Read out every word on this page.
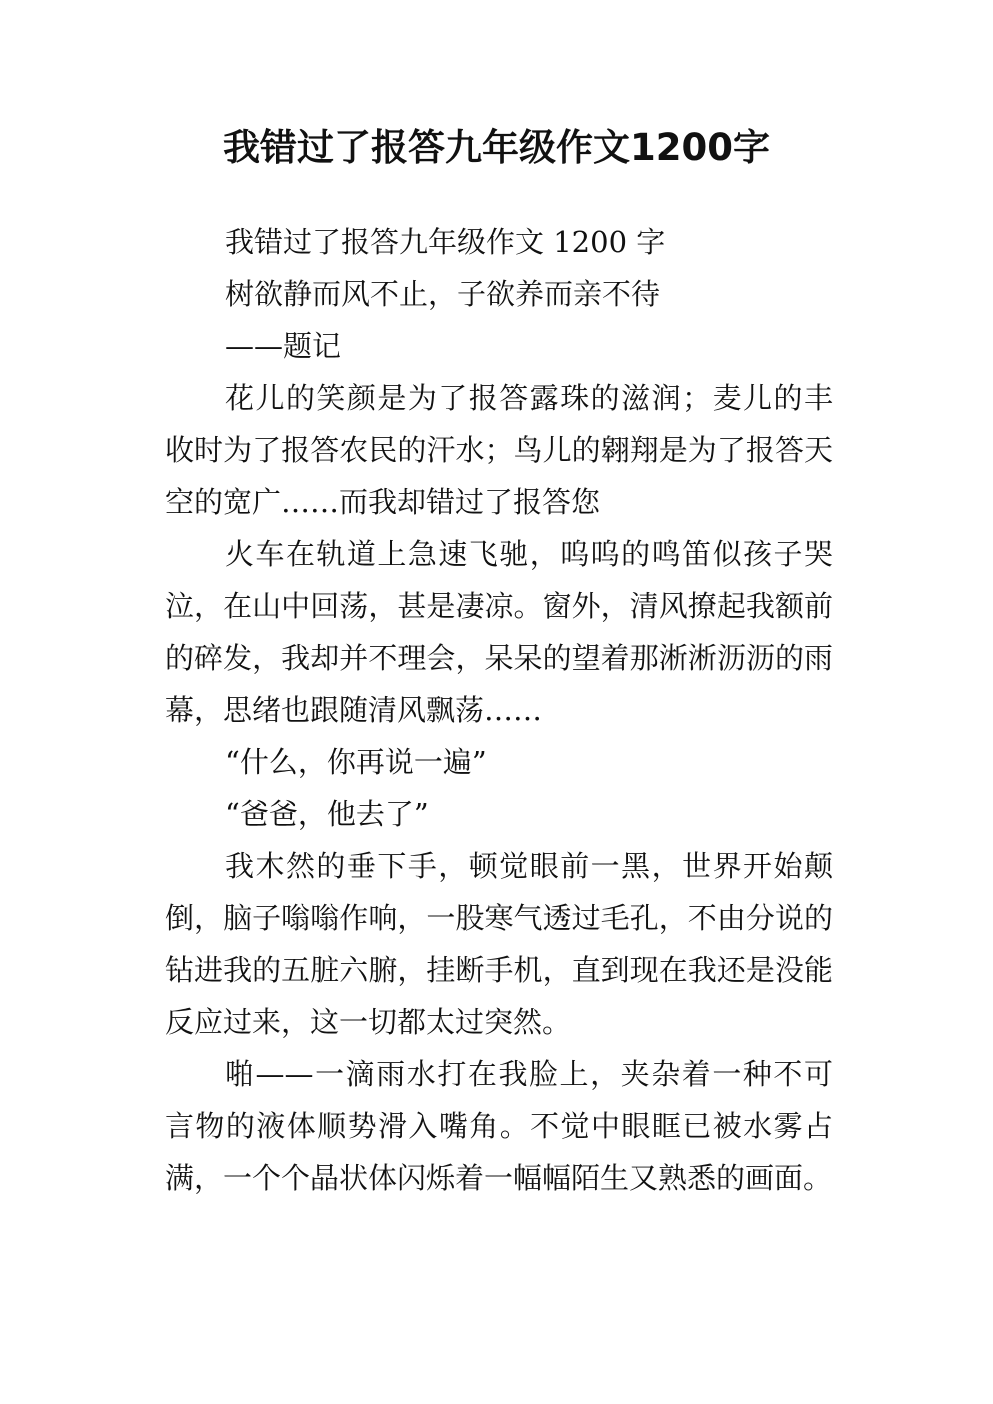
我错过了报答九年级作文1200字

我错过了报答九年级作文 1200 字

树欲静而风不止，子欲养而亲不待

——题记

花儿的笑颜是为了报答露珠的滋润；麦儿的丰收时为了报答农民的汗水；鸟儿的翱翔是为了报答天空的宽广……而我却错过了报答您

火车在轨道上急速飞驰，呜呜的鸣笛似孩子哭泣，在山中回荡，甚是凄凉。窗外，清风撩起我额前的碎发，我却并不理会，呆呆的望着那淅淅沥沥的雨幕，思绪也跟随清风飘荡……

“什么，你再说一遍”

“爸爸，他去了”

我木然的垂下手，顿觉眼前一黑，世界开始颠倒，脑子嗡嗡作响，一股寒气透过毛孔，不由分说的钻进我的五脏六腑，挂断手机，直到现在我还是没能反应过来，这一切都太过突然。

啪——一滴雨水打在我脸上，夹杂着一种不可言物的液体顺势滑入嘴角。不觉中眼眶已被水雾占满，一个个晶状体闪烁着一幅幅陌生又熟悉的画面。
